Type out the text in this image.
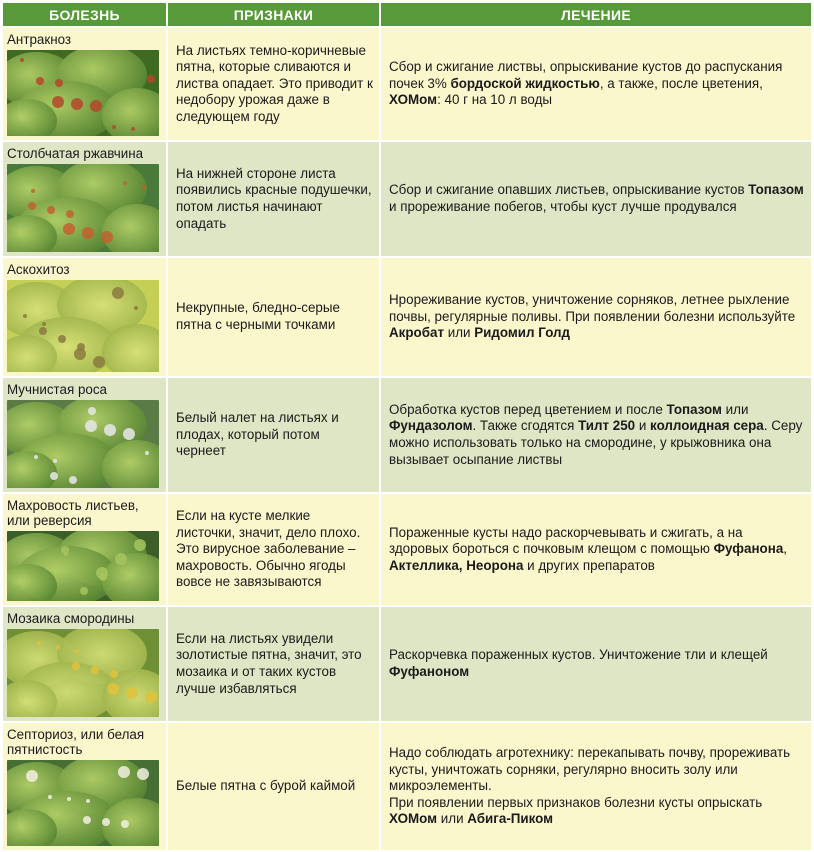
БОЛЕЗНЬ	ПРИЗНАКИ	ЛЕЧЕНИЕ

Антракноз	На листьях темно-коричневые пятна, которые сливаются и листва опадает. Это приводит к недобору урожая даже в следующем году	Сбор и сжигание листвы, опрыскивание кустов до распускания почек 3% бордоской жидкостью, а также, после цветения, ХОМом: 40 г на 10 л воды

Столбчатая ржавчина	На нижней стороне листа появились красные подушечки, потом листья начинают опадать	Сбор и сжигание опавших листьев, опрыскивание кустов Топазом и прореживание побегов, чтобы куст лучше продувался

Аскохитоз	Некрупные, бледно-серые пятна с черными точками	Нрореживание кустов, уничтожение сорняков, летнее рыхление почвы, регулярные поливы. При появлении болезни используйте Акробат или Ридомил Голд

Мучнистая роса	Белый налет на листьях и плодах, который потом чернеет	Обработка кустов перед цветением и после Топазом или Фундазолом. Также сгодятся Тилт 250 и коллоидная сера. Серу можно использовать только на смородине, у крыжовника она вызывает осыпание листвы

Махровость листьев, или реверсия	Если на кусте мелкие листочки, значит, дело плохо. Это вирусное заболевание – махровость. Обычно ягоды вовсе не завязываются	Пораженные кусты надо раскорчевывать и сжигать, а на здоровых бороться с почковым клещом с помощью Фуфанона, Актеллика, Неорона и других препаратов

Мозаика смородины	Если на листьях увидели золотистые пятна, значит, это мозаика и от таких кустов лучше избавляться	Раскорчевка пораженных кустов. Уничтожение тли и клещей Фуфаноном

Септориоз, или белая пятнистость	Белые пятна с бурой каймой	Надо соблюдать агротехнику: перекапывать почву, прореживать кусты, уничтожать сорняки, регулярно вносить золу или микроэлементы.
При появлении первых признаков болезни кусты опрыскать ХОМом или Абига-Пиком
